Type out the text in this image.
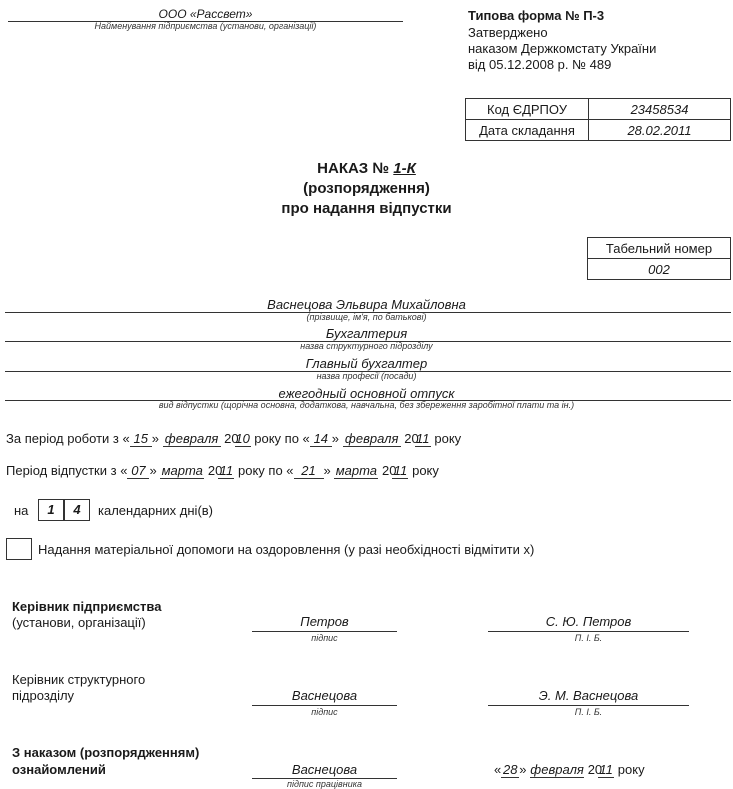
ООО «Рассвет»
Найменування підприємства (установи, організації)
Типова форма № П-3
Затверджено
наказом Держкомстату України
від 05.12.2008 р. № 489
Код ЄДРПОУ	23458534
Дата складання	28.02.2011
НАКАЗ № 1-К
(розпорядження)
про надання відпустки
Табельний номер
002
Васнецова Эльвира Михайловна
(прізвище, ім'я, по батькові)
Бухгалтерия
назва структурного підрозділу
Главный бухгалтер
назва професії (посади)
ежегодный основной отпуск
вид відпустки (щорічна основна, додаткова, навчальна, без збереження заробітної плати та ін.)
За період роботи з « 15 » февраля 2010 року по « 14 » февраля 2011 року
Період відпустки з « 07 » марта 2011 року по « 21 » марта 2011 року
на	1	4	календарних дні(в)
Надання матеріальної допомоги на оздоровлення (у разі необхідності відмітити х)
Керівник підприємства
(установи, організації)	Петров
підпис
С. Ю. Петров
П. І. Б.
Керівник структурного
підрозділу	Васнецова
підпис
Э. М. Васнецова
П. І. Б.
З наказом (розпорядженням)
ознайомлений	Васнецова
підпис працівника
« 28 » февраля 2011 року
